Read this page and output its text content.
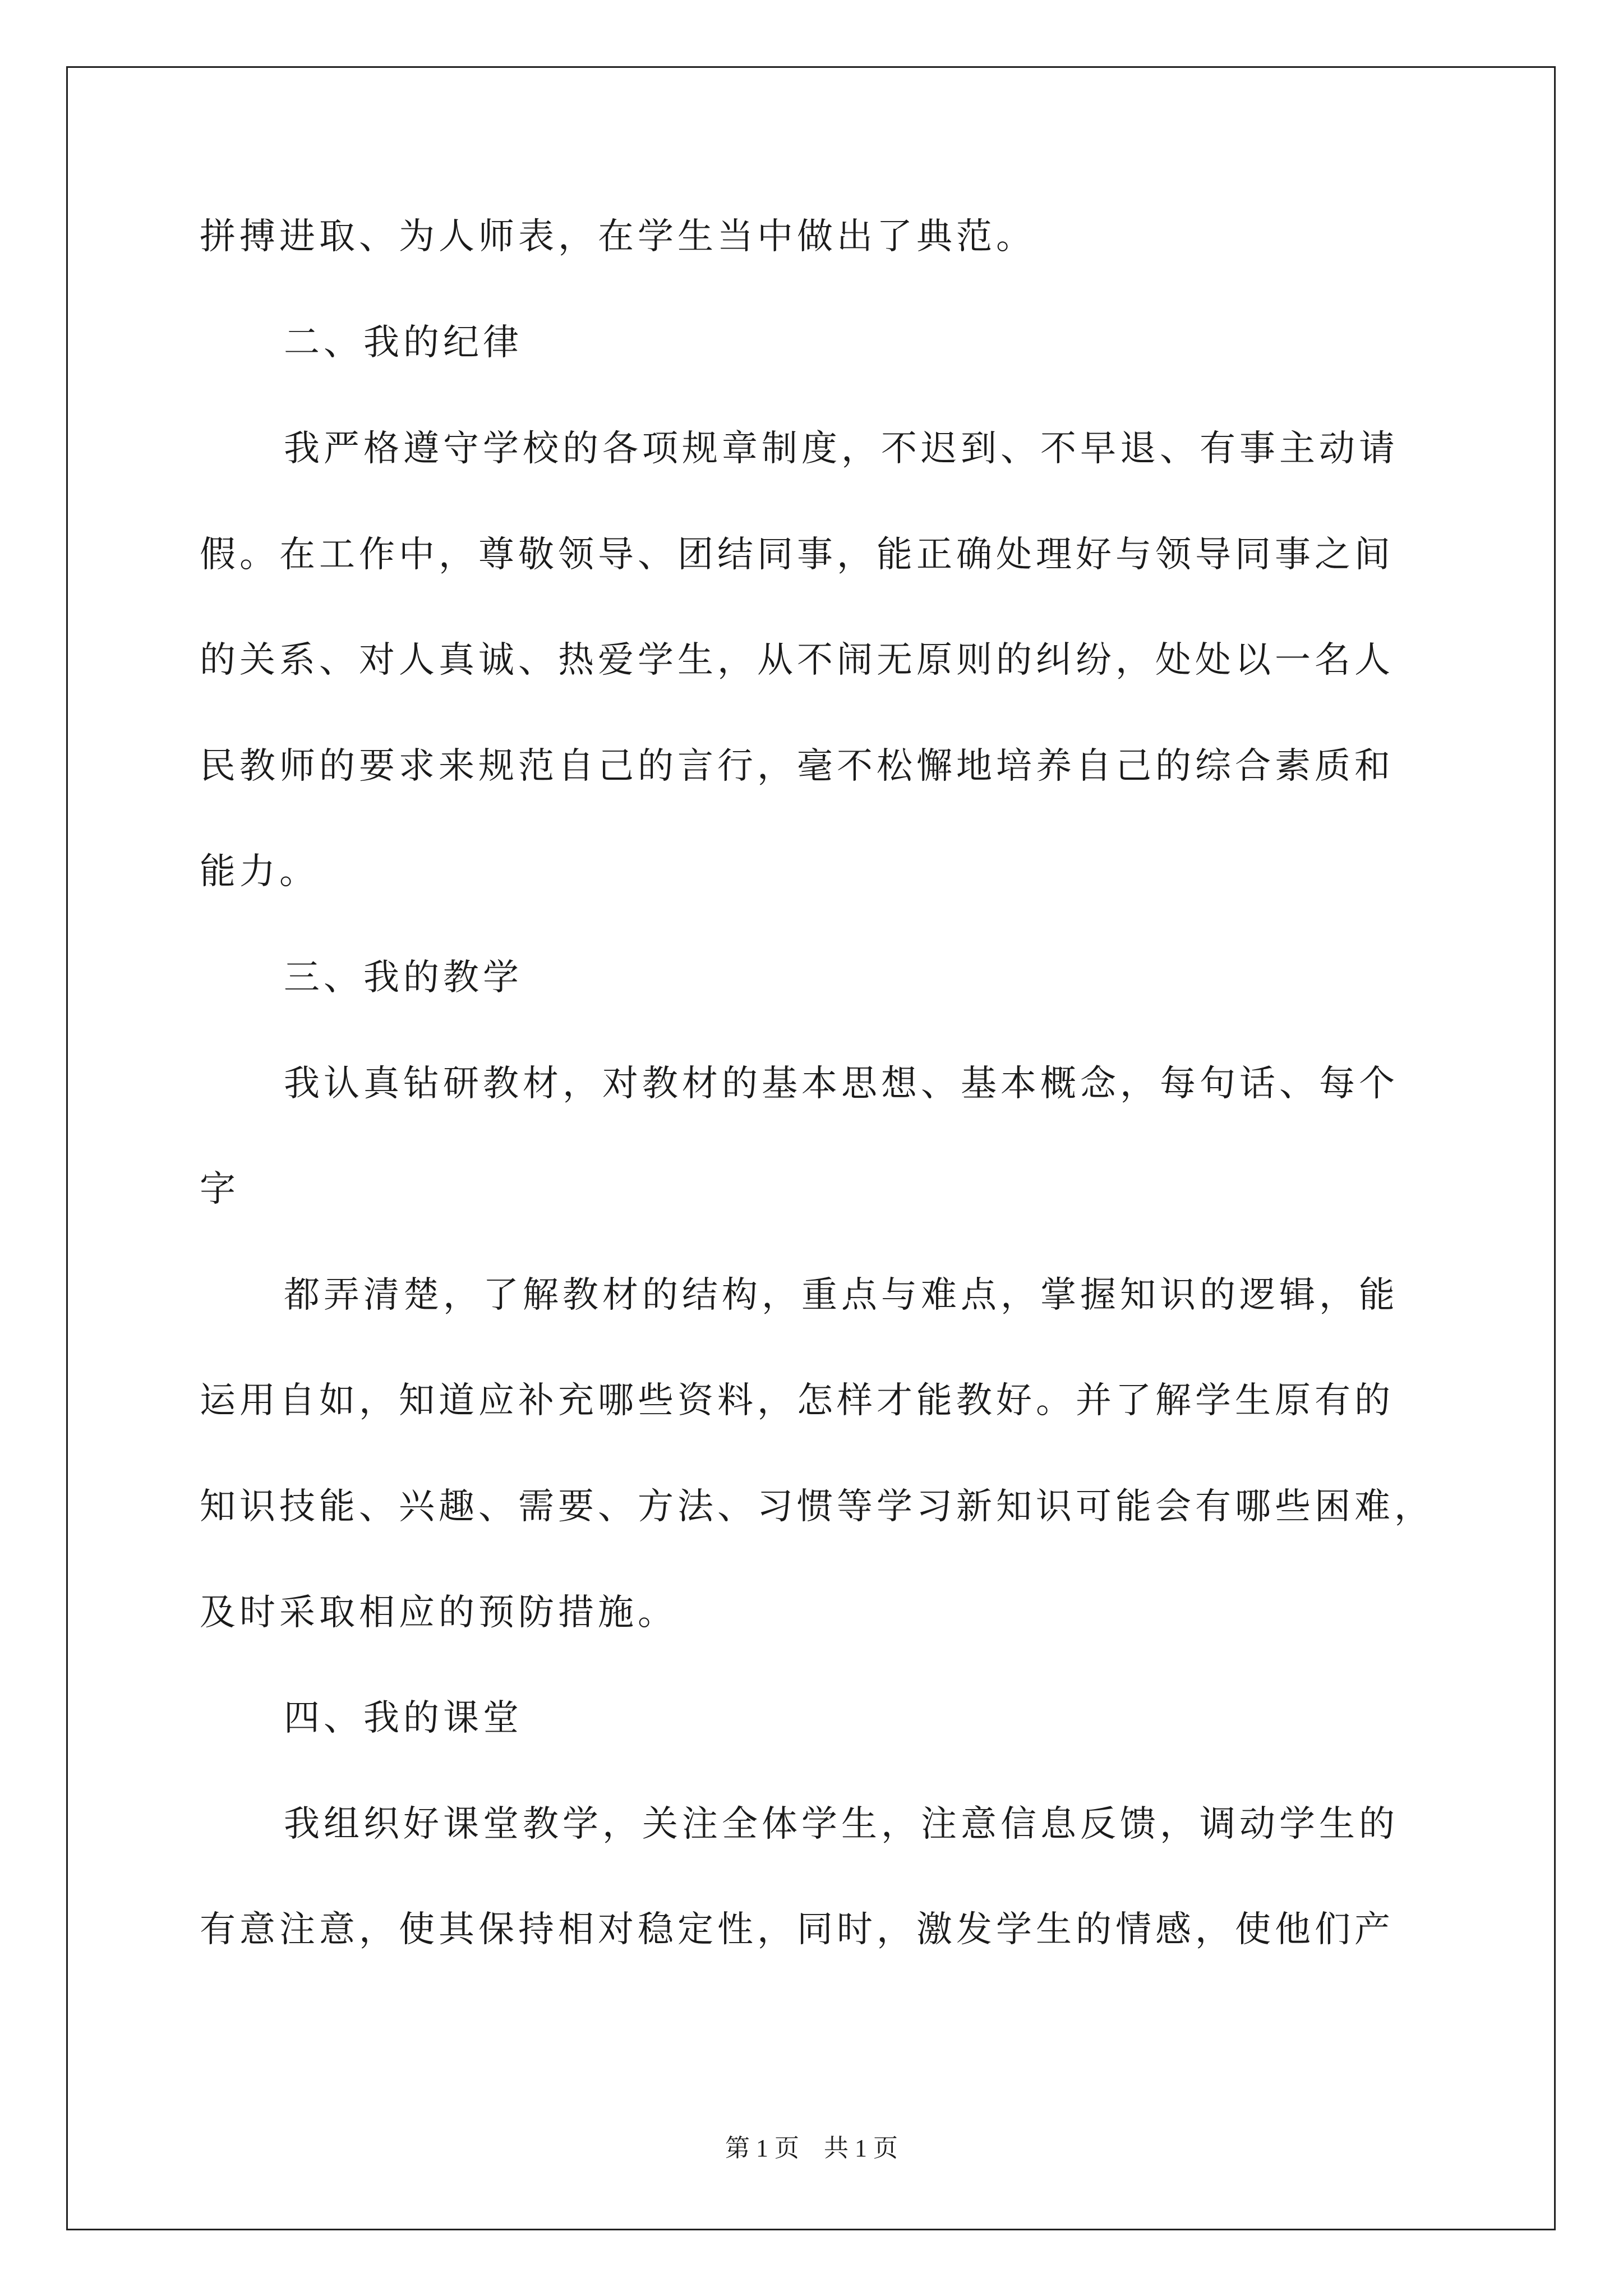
拼搏进取、为人师表，在学生当中做出了典范。
二、我的纪律
我严格遵守学校的各项规章制度，不迟到、不早退、有事主动请
假。在工作中，尊敬领导、团结同事，能正确处理好与领导同事之间
的关系、对人真诚、热爱学生，从不闹无原则的纠纷，处处以一名人
民教师的要求来规范自己的言行，毫不松懈地培养自己的综合素质和
能力。
三、我的教学
我认真钻研教材，对教材的基本思想、基本概念，每句话、每个
字
都弄清楚，了解教材的结构，重点与难点，掌握知识的逻辑，能
运用自如，知道应补充哪些资料，怎样才能教好。并了解学生原有的
知识技能、兴趣、需要、方法、习惯等学习新知识可能会有哪些困难，
及时采取相应的预防措施。
四、我的课堂
我组织好课堂教学，关注全体学生，注意信息反馈，调动学生的
有意注意，使其保持相对稳定性，同时，激发学生的情感，使他们产
第 1 页　共 1 页
